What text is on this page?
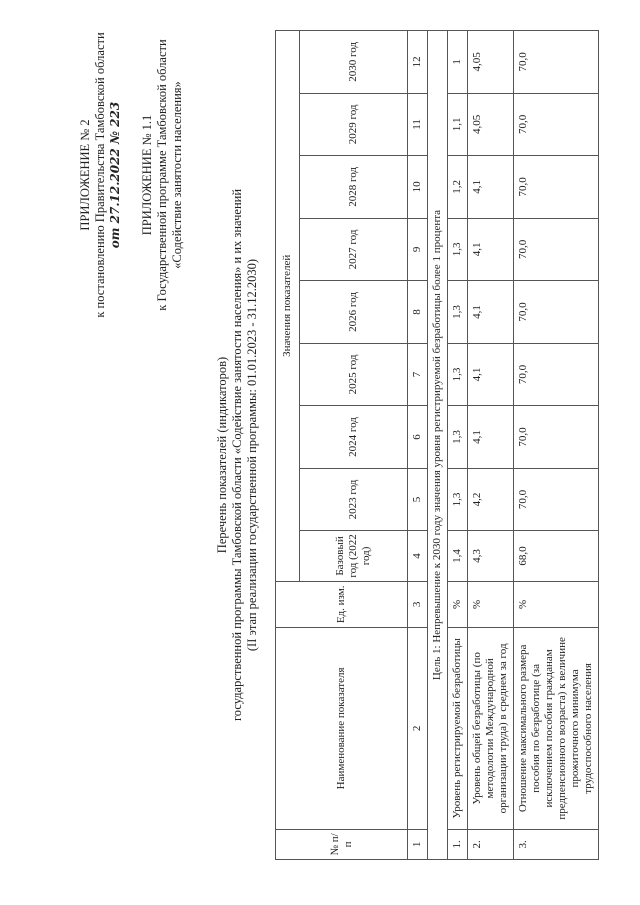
ПРИЛОЖЕНИЕ № 2 к постановлению Правительства Тамбовской области от 27.12.2022 № 223 ПРИЛОЖЕНИЕ № 1.1 к Государственной программе Тамбовской области «Содействие занятости населения»
Перечень показателей (индикаторов) государственной программы Тамбовской области «Содействие занятости населения» и их значений (II этап реализации государственной программы: 01.01.2023 - 31.12.2030)
№ п/п	Наименование показателя	Ед. изм.	Значения показателей								
			Базовый год (2022 год)	2023 год	2024 год	2025 год	2026 год	2027 год	2028 год	2029 год	2030 год
1	2	3	4	5	6	7	8	9	10	11	12
Цель 1: Непревышение к 2030 году значения уровня регистрируемой безработицы более 1 процента											
1.	Уровень регистрируемой безработицы	%	1,4	1,3	1,3	1,3	1,3	1,3	1,2	1,1	1
2.	Уровень общей безработицы (по методологии Международной организации труда) в среднем за год	%	4,3	4,2	4,1	4,1	4,1	4,1	4,1	4,05	4,05
3.	Отношение максимального размера пособия по безработице (за исключением пособия гражданам предпенсионного возраста) к величине прожиточного минимума трудоспособного населения	%	68,0	70,0	70,0	70,0	70,0	70,0	70,0	70,0	70,0
